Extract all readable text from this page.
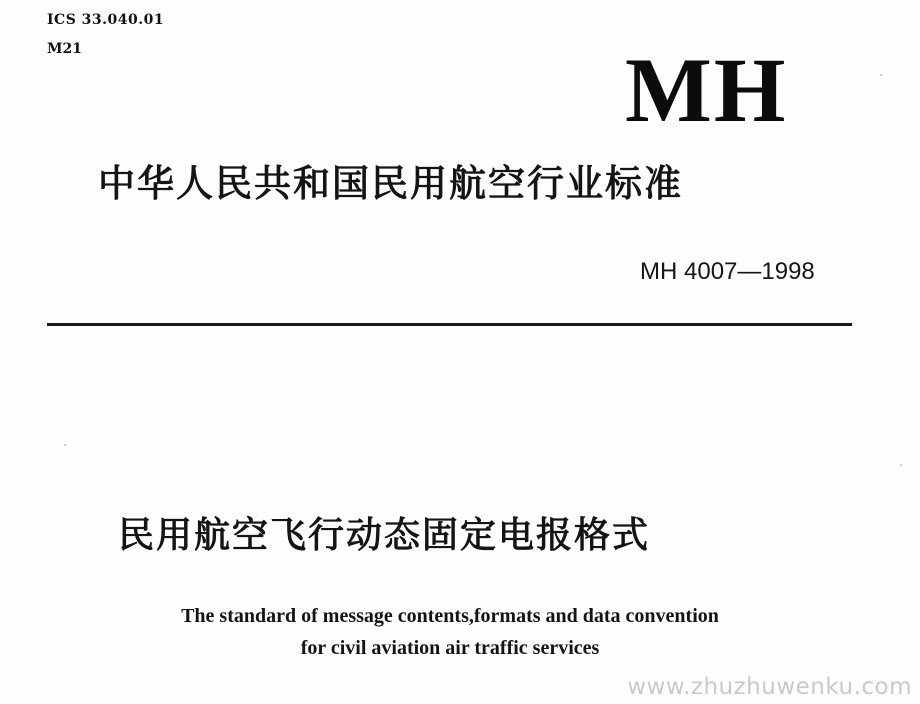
ICS 33.040.01
M21	MH
中华人民共和国民用航空行业标准
MH 4007—1998
民用航空飞行动态固定电报格式
The standard of message contents,formats and data convention
for civil aviation air traffic services
www.zhuzhuwenku.com
